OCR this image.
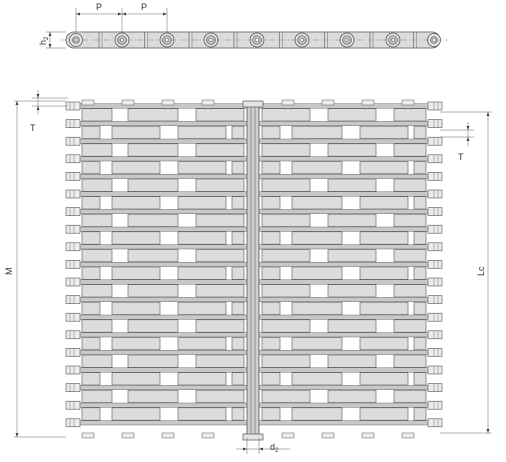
P	P
$h_2$
T
M
T
Lc
$d_2$
